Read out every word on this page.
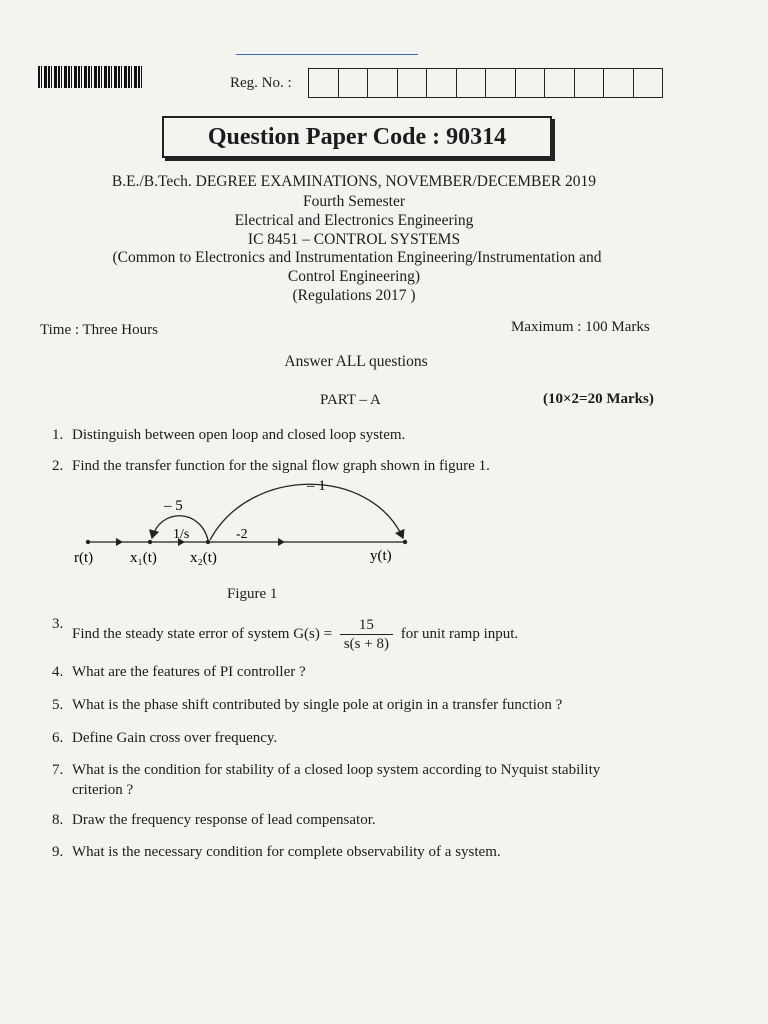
Reg. No. :
Question Paper Code : 90314
B.E./B.Tech. DEGREE EXAMINATIONS, NOVEMBER/DECEMBER 2019
Fourth Semester
Electrical and Electronics Engineering
IC 8451 – CONTROL SYSTEMS
(Common to Electronics and Instrumentation Engineering/Instrumentation and
Control Engineering)
(Regulations 2017 )
Time : Three Hours	Maximum : 100 Marks
Answer ALL questions
PART – A	(10×2=20 Marks)
1. Distinguish between open loop and closed loop system.
2. Find the transfer function for the signal flow graph shown in figure 1.
1/s
– 5
-2
– 1
r(t) x₁(t) x₂(t)	y(t)
Figure 1
3.Find the steady state error of system $G(s) = \frac{15}{s(s + 8)}$ for unit ramp input.
4. What are the features of PI controller ?
5. What is the phase shift contributed by single pole at origin in a transfer function ?
6. Define Gain cross over frequency.
7. What is the condition for stability of a closed loop system according to Nyquist stability criterion ?
8. Draw the frequency response of lead compensator.
9. What is the necessary condition for complete observability of a system.
